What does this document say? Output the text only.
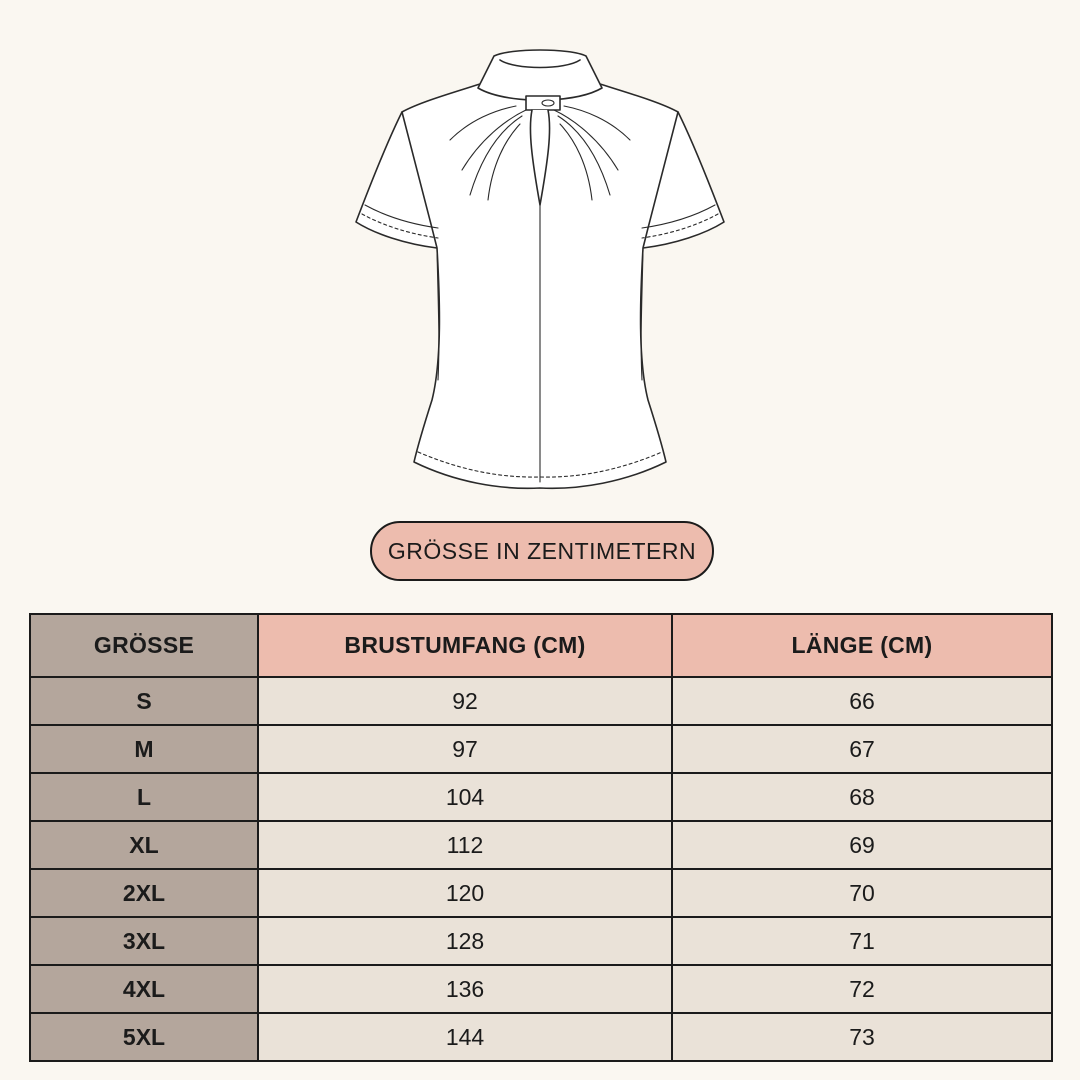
GRÖSSE IN ZENTIMETERN
GRÖSSE	BRUSTUMFANG (CM)	LÄNGE (CM)
S	92	66
M	97	67
L	104	68
XL	112	69
2XL	120	70
3XL	128	71
4XL	136	72
5XL	144	73
